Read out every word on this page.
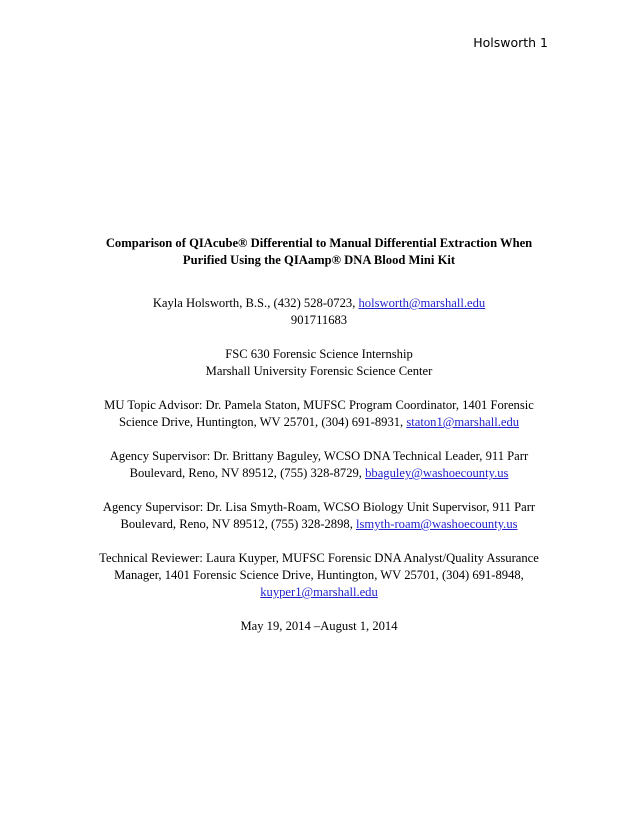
Holsworth 1
Comparison of QIAcube® Differential to Manual Differential Extraction When
Purified Using the QIAamp® DNA Blood Mini Kit
Kayla Holsworth, B.S., (432) 528-0723, holsworth@marshall.edu
901711683
FSC 630 Forensic Science Internship
Marshall University Forensic Science Center
MU Topic Advisor: Dr. Pamela Staton, MUFSC Program Coordinator, 1401 Forensic
Science Drive, Huntington, WV 25701, (304) 691-8931, staton1@marshall.edu
Agency Supervisor: Dr. Brittany Baguley, WCSO DNA Technical Leader, 911 Parr
Boulevard, Reno, NV 89512, (755) 328-8729, bbaguley@washoecounty.us
Agency Supervisor: Dr. Lisa Smyth-Roam, WCSO Biology Unit Supervisor, 911 Parr
Boulevard, Reno, NV 89512, (755) 328-2898, lsmyth-roam@washoecounty.us
Technical Reviewer: Laura Kuyper, MUFSC Forensic DNA Analyst/Quality Assurance
Manager, 1401 Forensic Science Drive, Huntington, WV 25701, (304) 691-8948,
kuyper1@marshall.edu
May 19, 2014 –August 1, 2014
